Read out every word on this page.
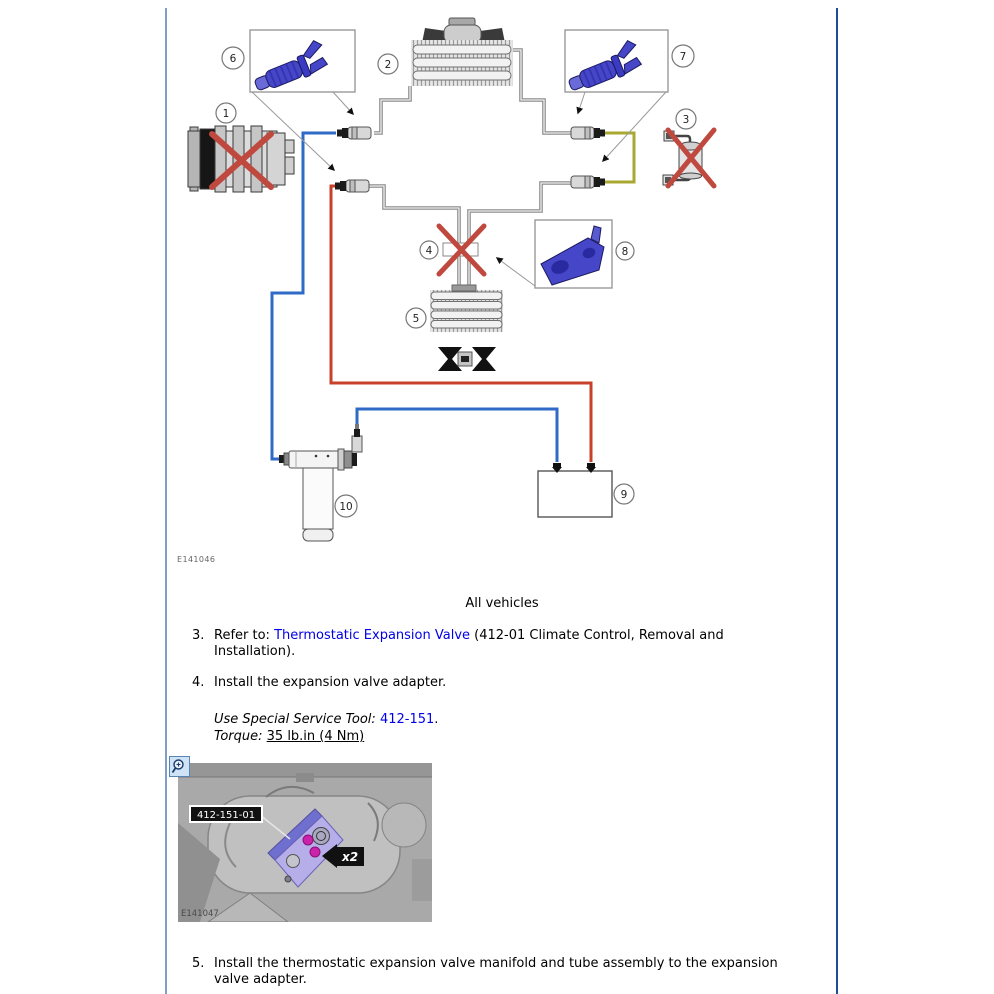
1
2
3
4
5
6	7
8
9
10
E141046
All vehicles
3. Refer to: Thermostatic Expansion Valve (412-01 Climate Control, Removal and Installation).
4. Install the expansion valve adapter.
Use Special Service Tool: 412-151.
Torque: 35 lb.in (4 Nm)
412-151-01
x2
E141047
5. Install the thermostatic expansion valve manifold and tube assembly to the expansion valve adapter.
